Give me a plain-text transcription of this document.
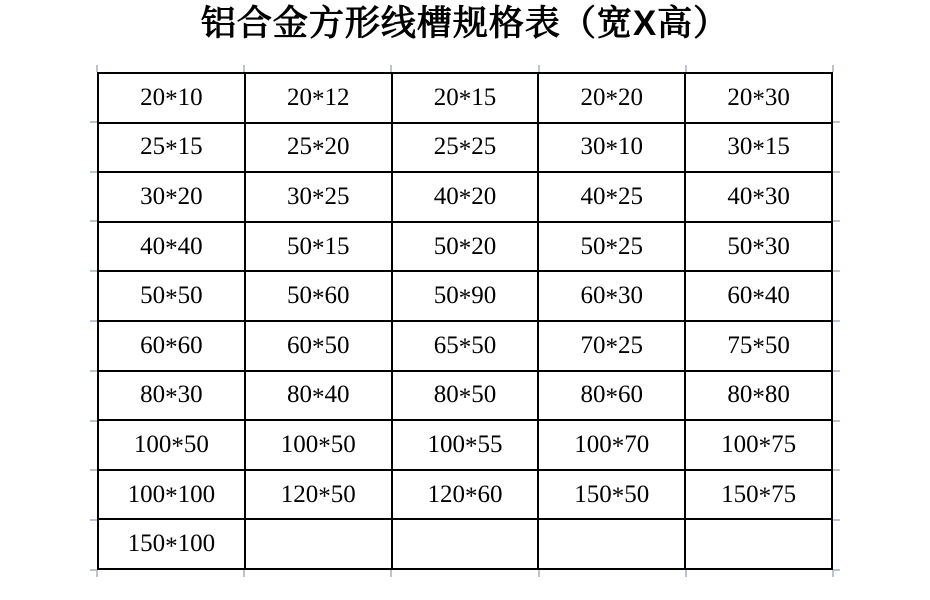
铝合金方形线槽规格表（宽X高）
20*10	20*12	20*15	20*20	20*30
25*15	25*20	25*25	30*10	30*15
30*20	30*25	40*20	40*25	40*30
40*40	50*15	50*20	50*25	50*30
50*50	50*60	50*90	60*30	60*40
60*60	60*50	65*50	70*25	75*50
80*30	80*40	80*50	80*60	80*80
100*50	100*50	100*55	100*70	100*75
100*100	120*50	120*60	150*50	150*75
150*100				
